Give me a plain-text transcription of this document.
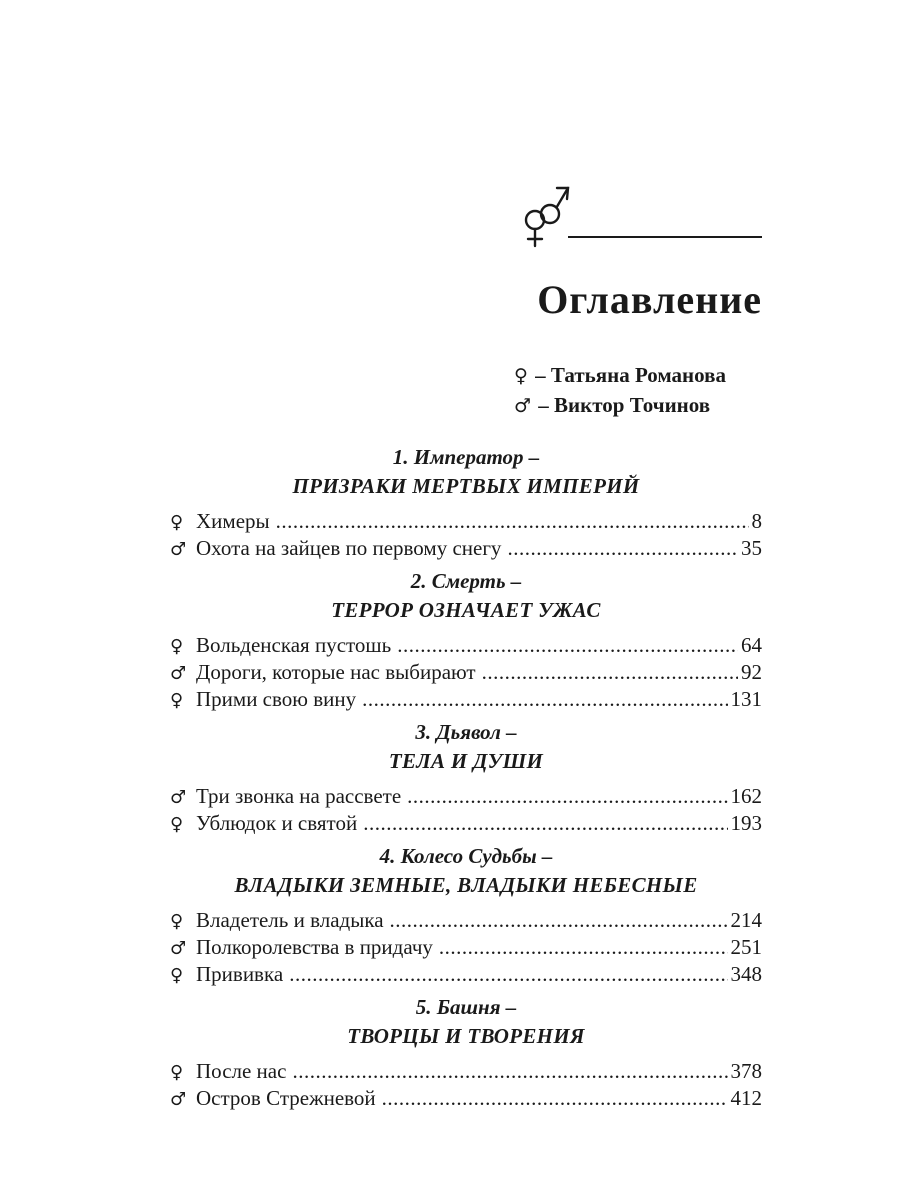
Оглавление
♀ – Татьяна Романова
♂ – Виктор Точинов
1. Император –
ПРИЗРАКИ МЕРТВЫХ ИМПЕРИЙ
♀ Химеры .....	8
♂ Охота на зайцев по первому снегу .....	35
2. Смерть –
ТЕРРОР ОЗНАЧАЕТ УЖАС
♀ Вольденская пустошь .....	64
♂ Дороги, которые нас выбирают .....	92
♀ Прими свою вину .....	131
3. Дьявол –
ТЕЛА И ДУШИ
♂ Три звонка на рассвете .....	162
♀ Ублюдок и святой .....	193
4. Колесо Судьбы –
ВЛАДЫКИ ЗЕМНЫЕ, ВЛАДЫКИ НЕБЕСНЫЕ
♀ Владетель и владыка .....	214
♂ Полкоролевства в придачу .....	251
♀ Прививка .....	348
5. Башня –
ТВОРЦЫ И ТВОРЕНИЯ
♀ После нас .....	378
♂ Остров Стрежневой .....	412
